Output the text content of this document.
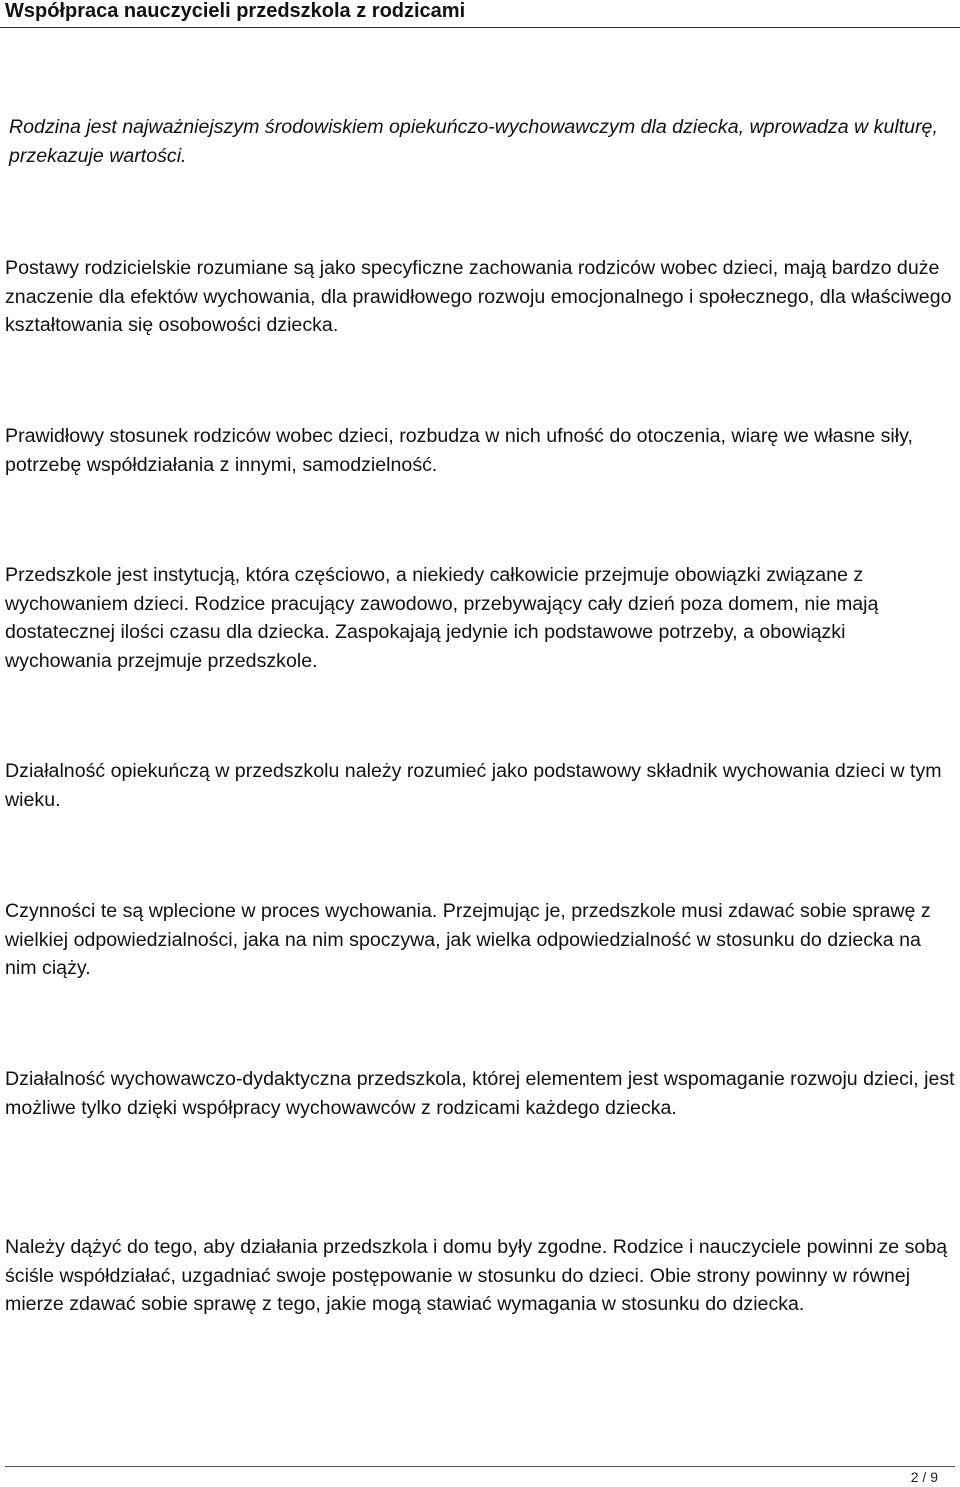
Współpraca nauczycieli przedszkola z rodzicami

Rodzina jest najważniejszym środowiskiem opiekuńczo-wychowawczym dla dziecka, wprowadza w kulturę, przekazuje wartości.

Postawy rodzicielskie rozumiane są jako specyficzne zachowania rodziców wobec dzieci, mają bardzo duże znaczenie dla efektów wychowania, dla prawidłowego rozwoju emocjonalnego i społecznego, dla właściwego kształtowania się osobowości dziecka.

Prawidłowy stosunek rodziców wobec dzieci, rozbudza w nich ufność do otoczenia, wiarę we własne siły, potrzebę współdziałania z innymi, samodzielność.

Przedszkole jest instytucją, która częściowo, a niekiedy całkowicie przejmuje obowiązki związane z wychowaniem dzieci. Rodzice pracujący zawodowo, przebywający cały dzień poza domem, nie mają dostatecznej ilości czasu dla dziecka. Zaspokajają jedynie ich podstawowe potrzeby, a obowiązki wychowania przejmuje przedszkole.

Działalność opiekuńczą w przedszkolu należy rozumieć jako podstawowy składnik wychowania dzieci w tym wieku.

Czynności te są wplecione w proces wychowania. Przejmując je, przedszkole musi zdawać sobie sprawę z wielkiej odpowiedzialności, jaka na nim spoczywa, jak wielka odpowiedzialność w stosunku do dziecka na nim ciąży.

Działalność wychowawczo-dydaktyczna przedszkola, której elementem jest wspomaganie rozwoju dzieci, jest możliwe tylko dzięki współpracy wychowawców z rodzicami każdego dziecka.

Należy dążyć do tego, aby działania przedszkola i domu były zgodne. Rodzice i nauczyciele powinni ze sobą ściśle współdziałać, uzgadniać swoje postępowanie w stosunku do dzieci. Obie strony powinny w równej mierze zdawać sobie sprawę z tego, jakie mogą stawiać wymagania w stosunku do dziecka.

2 / 9
